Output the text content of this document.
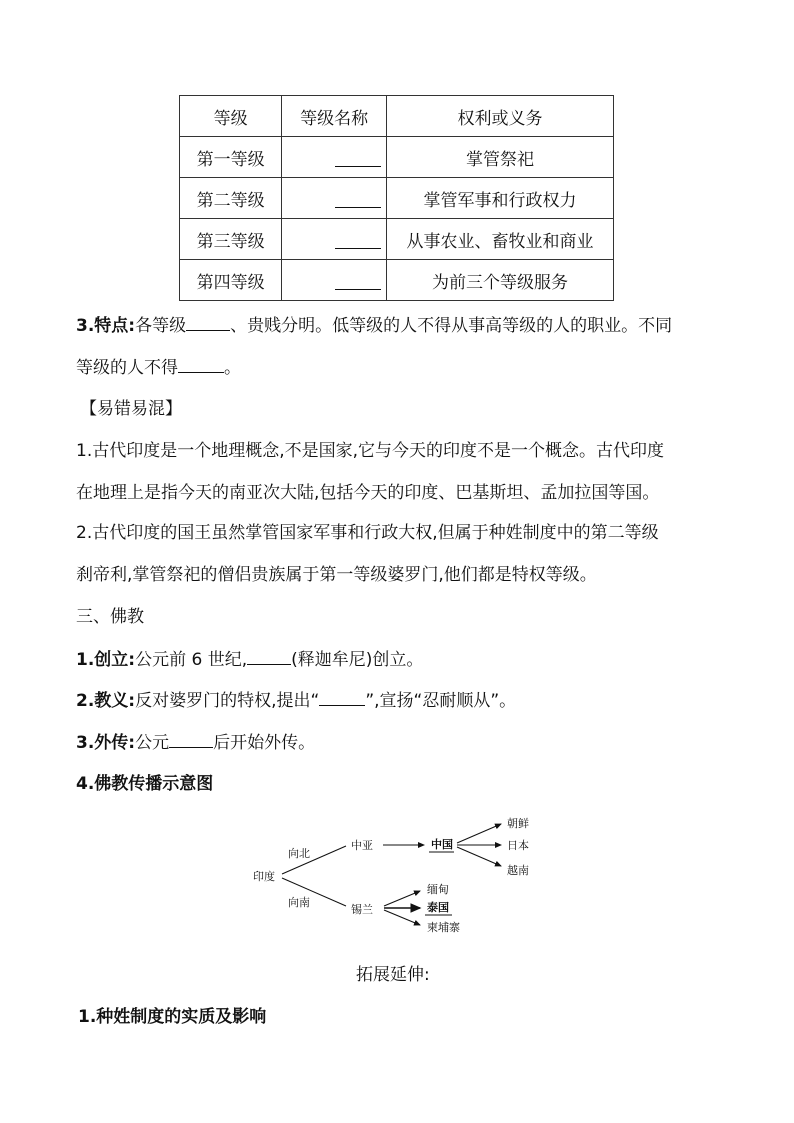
等级	等级名称	权利或义务
第一等级		掌管祭祀
第二等级		掌管军事和行政权力
第三等级		从事农业、畜牧业和商业
第四等级		为前三个等级服务
3.特点:各等级	、贵贱分明。低等级的人不得从事高等级的人的职业。不同
等级的人不得	。
【易错易混】
1.古代印度是一个地理概念,不是国家,它与今天的印度不是一个概念。古代印度
在地理上是指今天的南亚次大陆,包括今天的印度、巴基斯坦、孟加拉国等国。
2.古代印度的国王虽然掌管国家军事和行政大权,但属于种姓制度中的第二等级
刹帝利,掌管祭祀的僧侣贵族属于第一等级婆罗门,他们都是特权等级。
三、佛教
1.创立:公元前 6 世纪,	(释迦牟尼)创立。
2.教义:反对婆罗门的特权,提出“	”,宣扬“忍耐顺从”。
3.外传:公元	后开始外传。
4.佛教传播示意图
印度
向北
向南
中亚	中国
朝鲜
日本
越南
锡兰
缅甸
泰国
柬埔寨
拓展延伸:
1.种姓制度的实质及影响
